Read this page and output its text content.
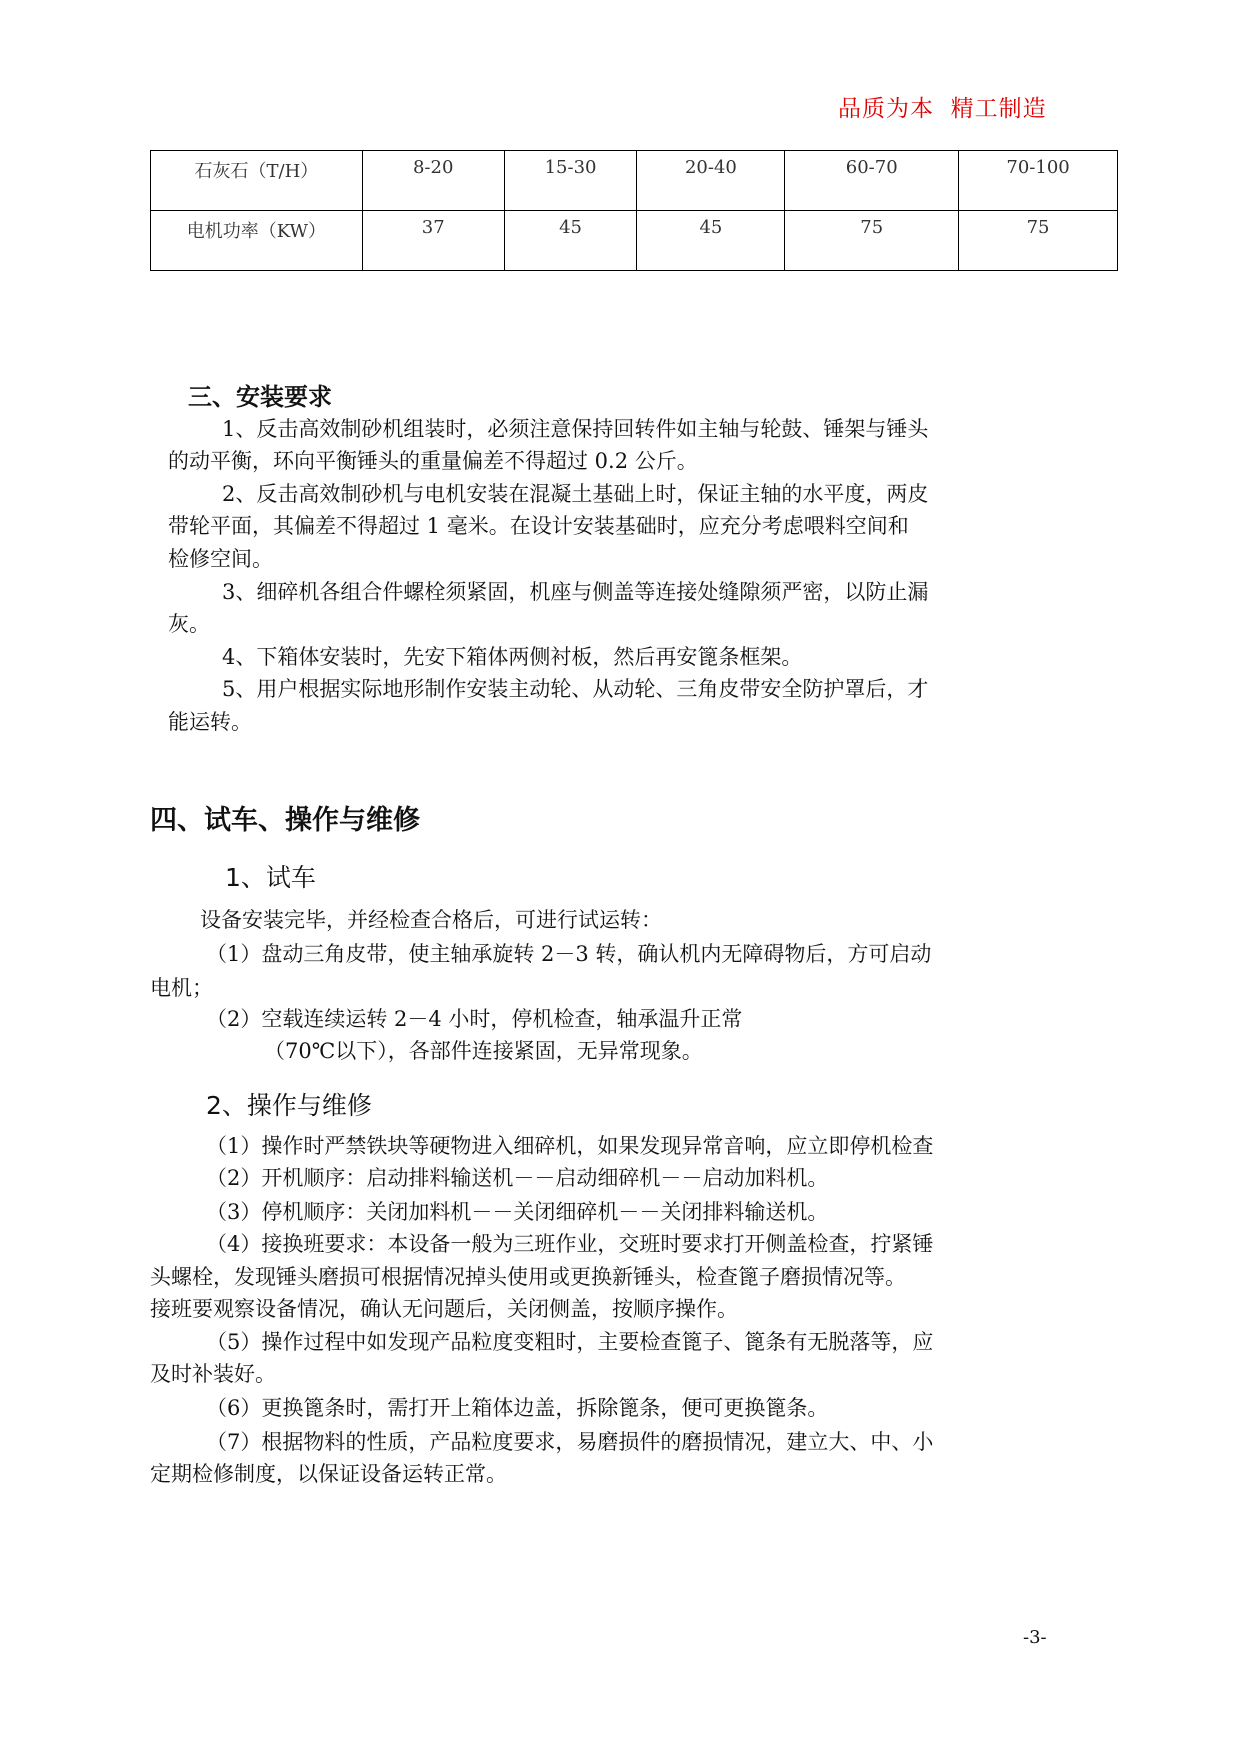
品质为本  精工制造
石灰石（T/H）	8-20	15-30	20-40	60-70	70-100
电机功率（KW）	37	45	45	75	75
三、安装要求
1、反击高效制砂机组装时，必须注意保持回转件如主轴与轮鼓、锤架与锤头
的动平衡，环向平衡锤头的重量偏差不得超过 0.2 公斤。
2、反击高效制砂机与电机安装在混凝土基础上时，保证主轴的水平度，两皮
带轮平面，其偏差不得超过 1 毫米。在设计安装基础时，应充分考虑喂料空间和
检修空间。
3、细碎机各组合件螺栓须紧固，机座与侧盖等连接处缝隙须严密，以防止漏
灰。
4、下箱体安装时，先安下箱体两侧衬板，然后再安篦条框架。
5、用户根据实际地形制作安装主动轮、从动轮、三角皮带安全防护罩后，才
能运转。
四、试车、操作与维修
1、试车
设备安装完毕，并经检查合格后，可进行试运转：
（1）盘动三角皮带，使主轴承旋转 2－3 转，确认机内无障碍物后，方可启动
电机；
（2）空载连续运转 2－4 小时，停机检查，轴承温升正常
（70℃以下），各部件连接紧固，无异常现象。
2、操作与维修
（1）操作时严禁铁块等硬物进入细碎机，如果发现异常音响，应立即停机检查
（2）开机顺序：启动排料输送机－－启动细碎机－－启动加料机。
（3）停机顺序：关闭加料机－－关闭细碎机－－关闭排料输送机。
（4）接换班要求：本设备一般为三班作业，交班时要求打开侧盖检查，拧紧锤
头螺栓，发现锤头磨损可根据情况掉头使用或更换新锤头，检查篦子磨损情况等。
接班要观察设备情况，确认无问题后，关闭侧盖，按顺序操作。
（5）操作过程中如发现产品粒度变粗时，主要检查篦子、篦条有无脱落等，应
及时补装好。
（6）更换篦条时，需打开上箱体边盖，拆除篦条，便可更换篦条。
（7）根据物料的性质，产品粒度要求，易磨损件的磨损情况，建立大、中、小
定期检修制度，以保证设备运转正常。
-3-
